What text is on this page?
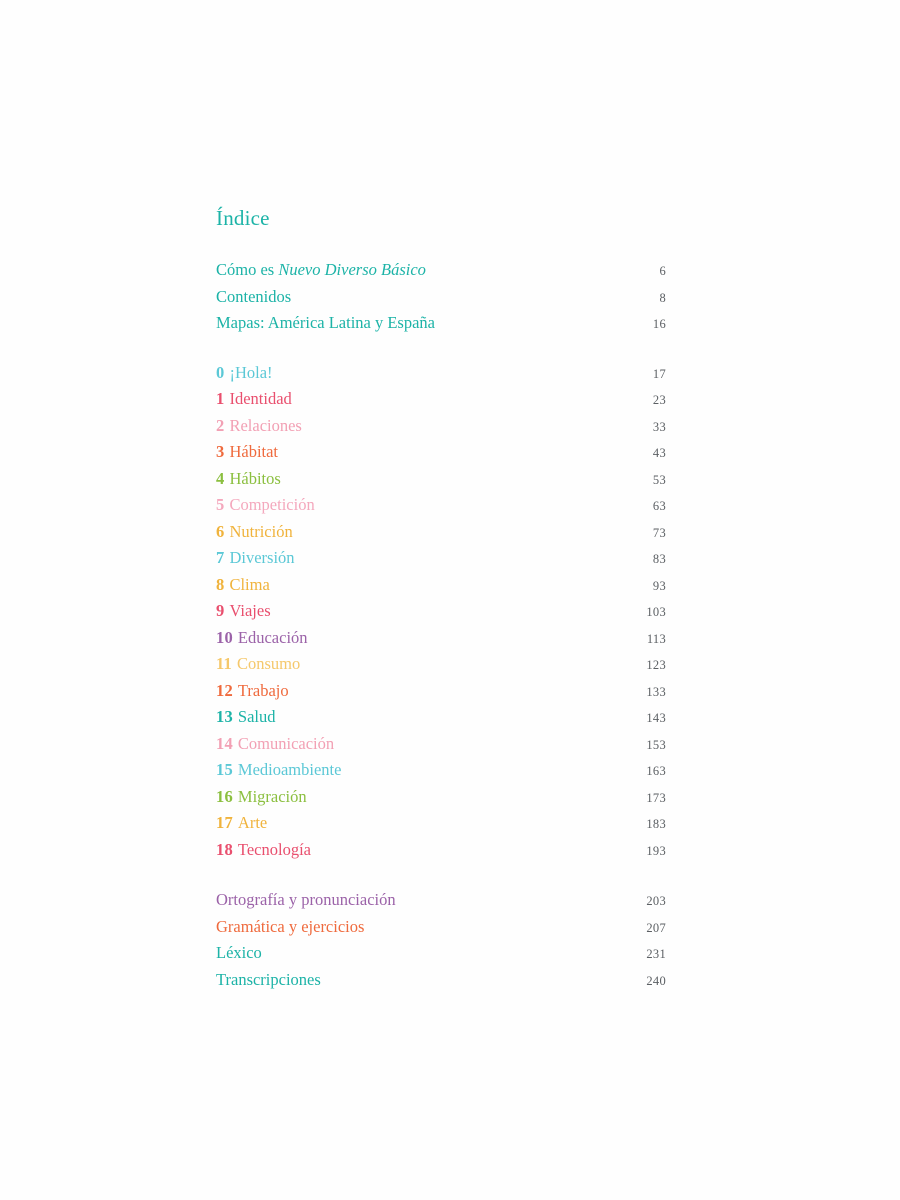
Índice
Cómo es Nuevo Diverso Básico	6
Contenidos	8
Mapas: América Latina y España	16
0 ¡Hola!	17
1 Identidad	23
2 Relaciones	33
3 Hábitat	43
4 Hábitos	53
5 Competición	63
6 Nutrición	73
7 Diversión	83
8 Clima	93
9 Viajes	103
10 Educación	113
11 Consumo	123
12 Trabajo	133
13 Salud	143
14 Comunicación	153
15 Medioambiente	163
16 Migración	173
17 Arte	183
18 Tecnología	193
Ortografía y pronunciación	203
Gramática y ejercicios	207
Léxico	231
Transcripciones	240
